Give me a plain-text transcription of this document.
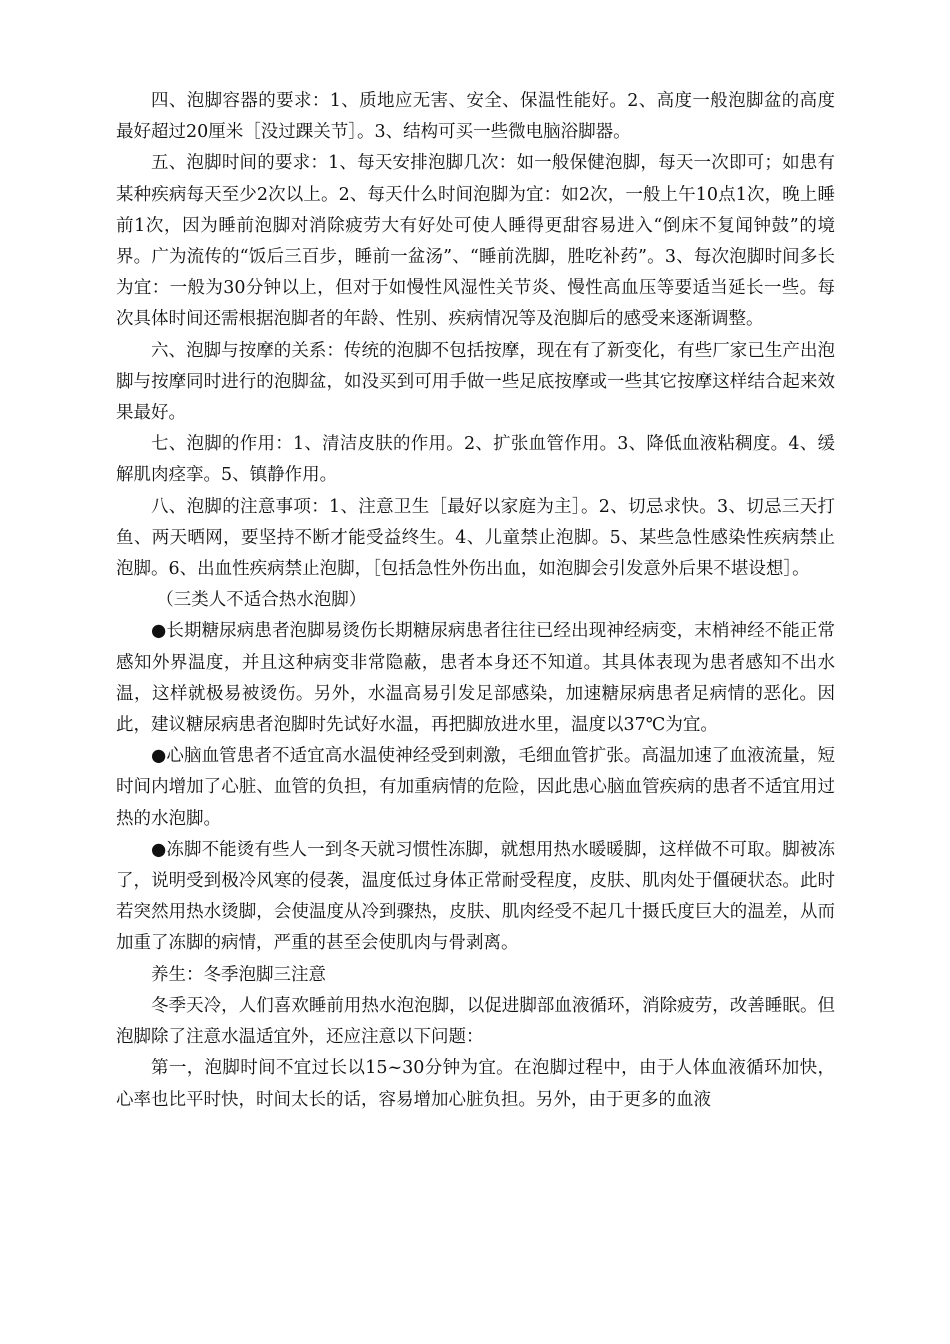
四、泡脚容器的要求：1、质地应无害、安全、保温性能好。2、高度一般泡脚盆的高度最好超过20厘米［没过踝关节］。3、结构可买一些微电脑浴脚器。

五、泡脚时间的要求：1、每天安排泡脚几次：如一般保健泡脚，每天一次即可；如患有某种疾病每天至少2次以上。2、每天什么时间泡脚为宜：如2次，一般上午10点1次，晚上睡前1次，因为睡前泡脚对消除疲劳大有好处可使人睡得更甜容易进入“倒床不复闻钟鼓”的境界。广为流传的“饭后三百步，睡前一盆汤”、“睡前洗脚，胜吃补药”。3、每次泡脚时间多长为宜：一般为30分钟以上，但对于如慢性风湿性关节炎、慢性高血压等要适当延长一些。每次具体时间还需根据泡脚者的年龄、性别、疾病情况等及泡脚后的感受来逐渐调整。

六、泡脚与按摩的关系：传统的泡脚不包括按摩，现在有了新变化，有些厂家已生产出泡脚与按摩同时进行的泡脚盆，如没买到可用手做一些足底按摩或一些其它按摩这样结合起来效果最好。

七、泡脚的作用：1、清洁皮肤的作用。2、扩张血管作用。3、降低血液粘稠度。4、缓解肌肉痉挛。5、镇静作用。

八、泡脚的注意事项：1、注意卫生［最好以家庭为主］。2、切忌求快。3、切忌三天打鱼、两天晒网，要坚持不断才能受益终生。4、儿童禁止泡脚。5、某些急性感染性疾病禁止泡脚。6、出血性疾病禁止泡脚，［包括急性外伤出血，如泡脚会引发意外后果不堪设想］。

（三类人不适合热水泡脚）

●长期糖尿病患者泡脚易烫伤长期糖尿病患者往往已经出现神经病变，末梢神经不能正常感知外界温度，并且这种病变非常隐蔽，患者本身还不知道。其具体表现为患者感知不出水温，这样就极易被烫伤。另外，水温高易引发足部感染，加速糖尿病患者足病情的恶化。因此，建议糖尿病患者泡脚时先试好水温，再把脚放进水里，温度以37℃为宜。

●心脑血管患者不适宜高水温使神经受到刺激，毛细血管扩张。高温加速了血液流量，短时间内增加了心脏、血管的负担，有加重病情的危险，因此患心脑血管疾病的患者不适宜用过热的水泡脚。

●冻脚不能烫有些人一到冬天就习惯性冻脚，就想用热水暖暖脚，这样做不可取。脚被冻了，说明受到极冷风寒的侵袭，温度低过身体正常耐受程度，皮肤、肌肉处于僵硬状态。此时若突然用热水烫脚，会使温度从冷到骤热，皮肤、肌肉经受不起几十摄氏度巨大的温差，从而加重了冻脚的病情，严重的甚至会使肌肉与骨剥离。

养生：冬季泡脚三注意

冬季天冷，人们喜欢睡前用热水泡泡脚，以促进脚部血液循环，消除疲劳，改善睡眠。但泡脚除了注意水温适宜外，还应注意以下问题：

第一，泡脚时间不宜过长以15~30分钟为宜。在泡脚过程中，由于人体血液循环加快，心率也比平时快，时间太长的话，容易增加心脏负担。另外，由于更多的血液
